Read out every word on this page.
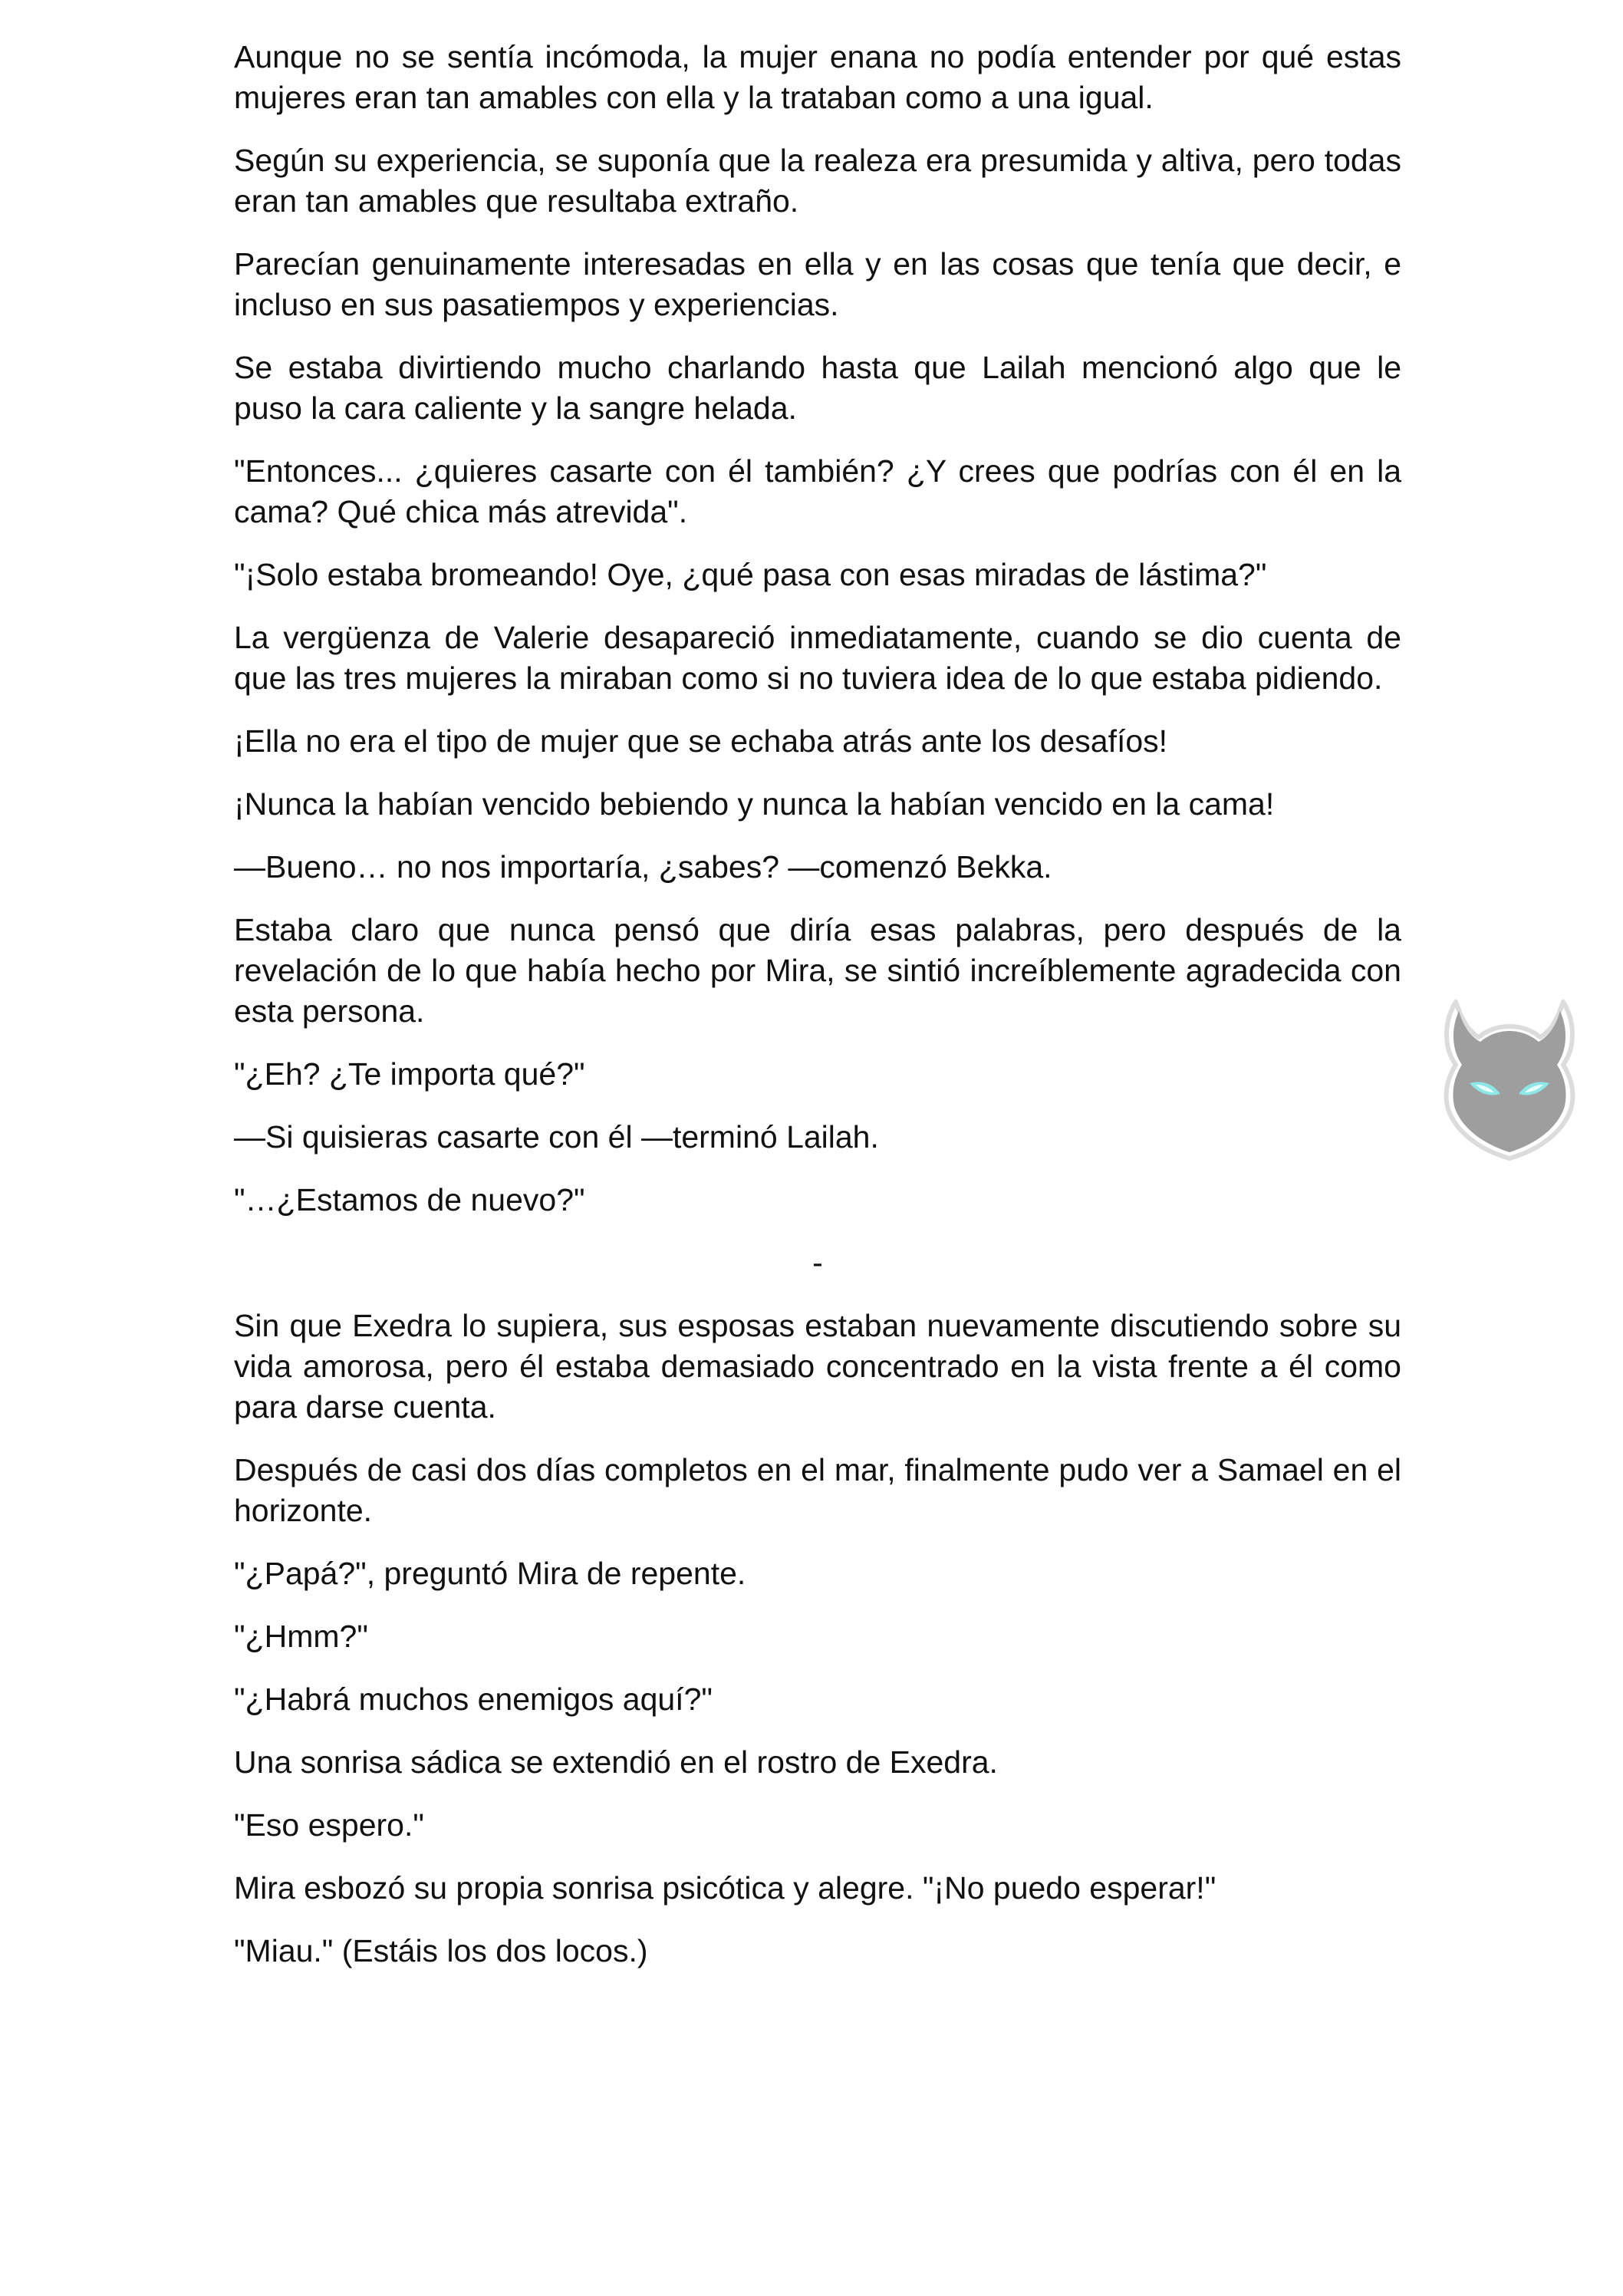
Aunque no se sentía incómoda, la mujer enana no podía entender por qué estas mujeres eran tan amables con ella y la trataban como a una igual.

Según su experiencia, se suponía que la realeza era presumida y altiva, pero todas eran tan amables que resultaba extraño.

Parecían genuinamente interesadas en ella y en las cosas que tenía que decir, e incluso en sus pasatiempos y experiencias.

Se estaba divirtiendo mucho charlando hasta que Lailah mencionó algo que le puso la cara caliente y la sangre helada.

"Entonces... ¿quieres casarte con él también? ¿Y crees que podrías con él en la cama? Qué chica más atrevida".

"¡Solo estaba bromeando! Oye, ¿qué pasa con esas miradas de lástima?"

La vergüenza de Valerie desapareció inmediatamente, cuando se dio cuenta de que las tres mujeres la miraban como si no tuviera idea de lo que estaba pidiendo.

¡Ella no era el tipo de mujer que se echaba atrás ante los desafíos!

¡Nunca la habían vencido bebiendo y nunca la habían vencido en la cama!

—Bueno… no nos importaría, ¿sabes? —comenzó Bekka.

Estaba claro que nunca pensó que diría esas palabras, pero después de la revelación de lo que había hecho por Mira, se sintió increíblemente agradecida con esta persona.

"¿Eh? ¿Te importa qué?"

—Si quisieras casarte con él —terminó Lailah.

"…¿Estamos de nuevo?"

-

Sin que Exedra lo supiera, sus esposas estaban nuevamente discutiendo sobre su vida amorosa, pero él estaba demasiado concentrado en la vista frente a él como para darse cuenta.

Después de casi dos días completos en el mar, finalmente pudo ver a Samael en el horizonte.

"¿Papá?", preguntó Mira de repente.

"¿Hmm?"

"¿Habrá muchos enemigos aquí?"

Una sonrisa sádica se extendió en el rostro de Exedra.

"Eso espero."

Mira esbozó su propia sonrisa psicótica y alegre. "¡No puedo esperar!"

"Miau." (Estáis los dos locos.)
